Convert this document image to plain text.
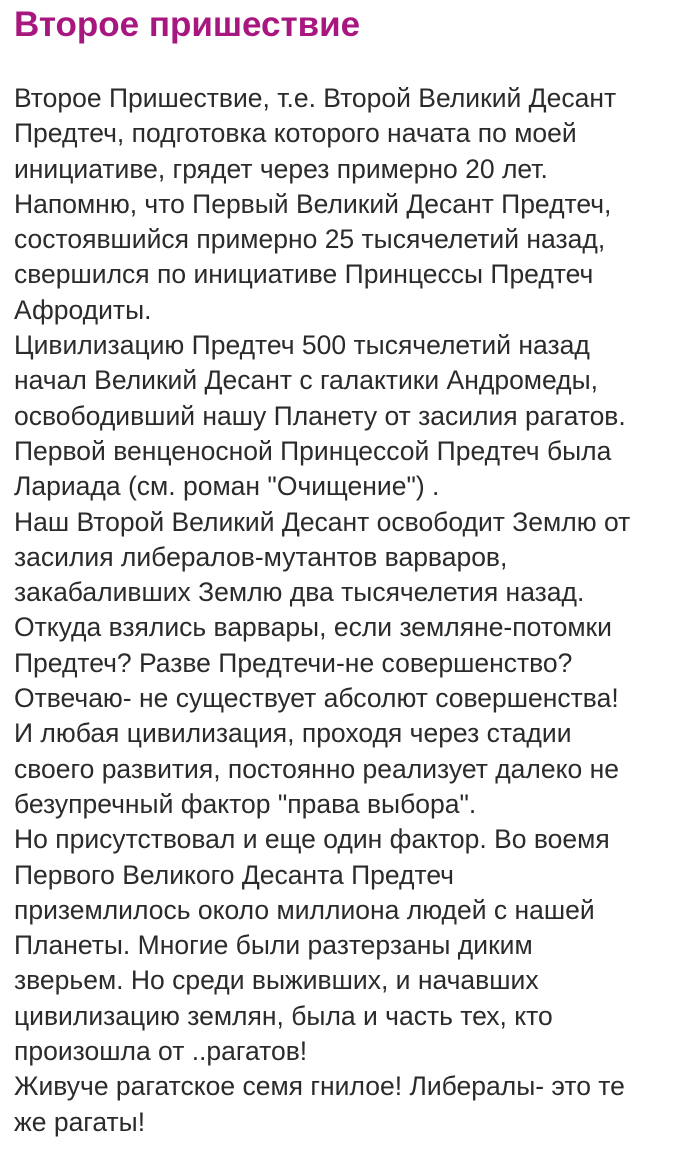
Второе пришествие
Второе Пришествие, т.е. Второй Великий Десант
Предтеч, подготовка которого начата по моей
инициативе, грядет через примерно 20 лет.
Напомню, что Первый Великий Десант Предтеч,
состоявшийся примерно 25 тысячелетий назад,
свершился по инициативе Принцессы Предтеч
Афродиты.
Цивилизацию Предтеч 500 тысячелетий назад
начал Великий Десант с галактики Андромеды,
освободивший нашу Планету от засилия рагатов.
Первой венценосной Принцессой Предтеч была
Лариада (см. роман "Очищение") .
Наш Второй Великий Десант освободит Землю от
засилия либералов-мутантов варваров,
закабаливших Землю два тысячелетия назад.
Откуда взялись варвары, если земляне-потомки
Предтеч? Разве Предтечи-не совершенство?
Отвечаю- не существует абсолют совершенства!
И любая цивилизация, проходя через стадии
своего развития, постоянно реализует далеко не
безупречный фактор "права выбора".
Но присутствовал и еще один фактор. Во воемя
Первого Великого Десанта Предтеч
приземлилось около миллиона людей с нашей
Планеты. Многие были разтерзаны диким
зверьем. Но среди выживших, и начавших
цивилизацию землян, была и часть тех, кто
произошла от ..рагатов!
Живуче рагатское семя гнилое! Либералы- это те
же рагаты!
